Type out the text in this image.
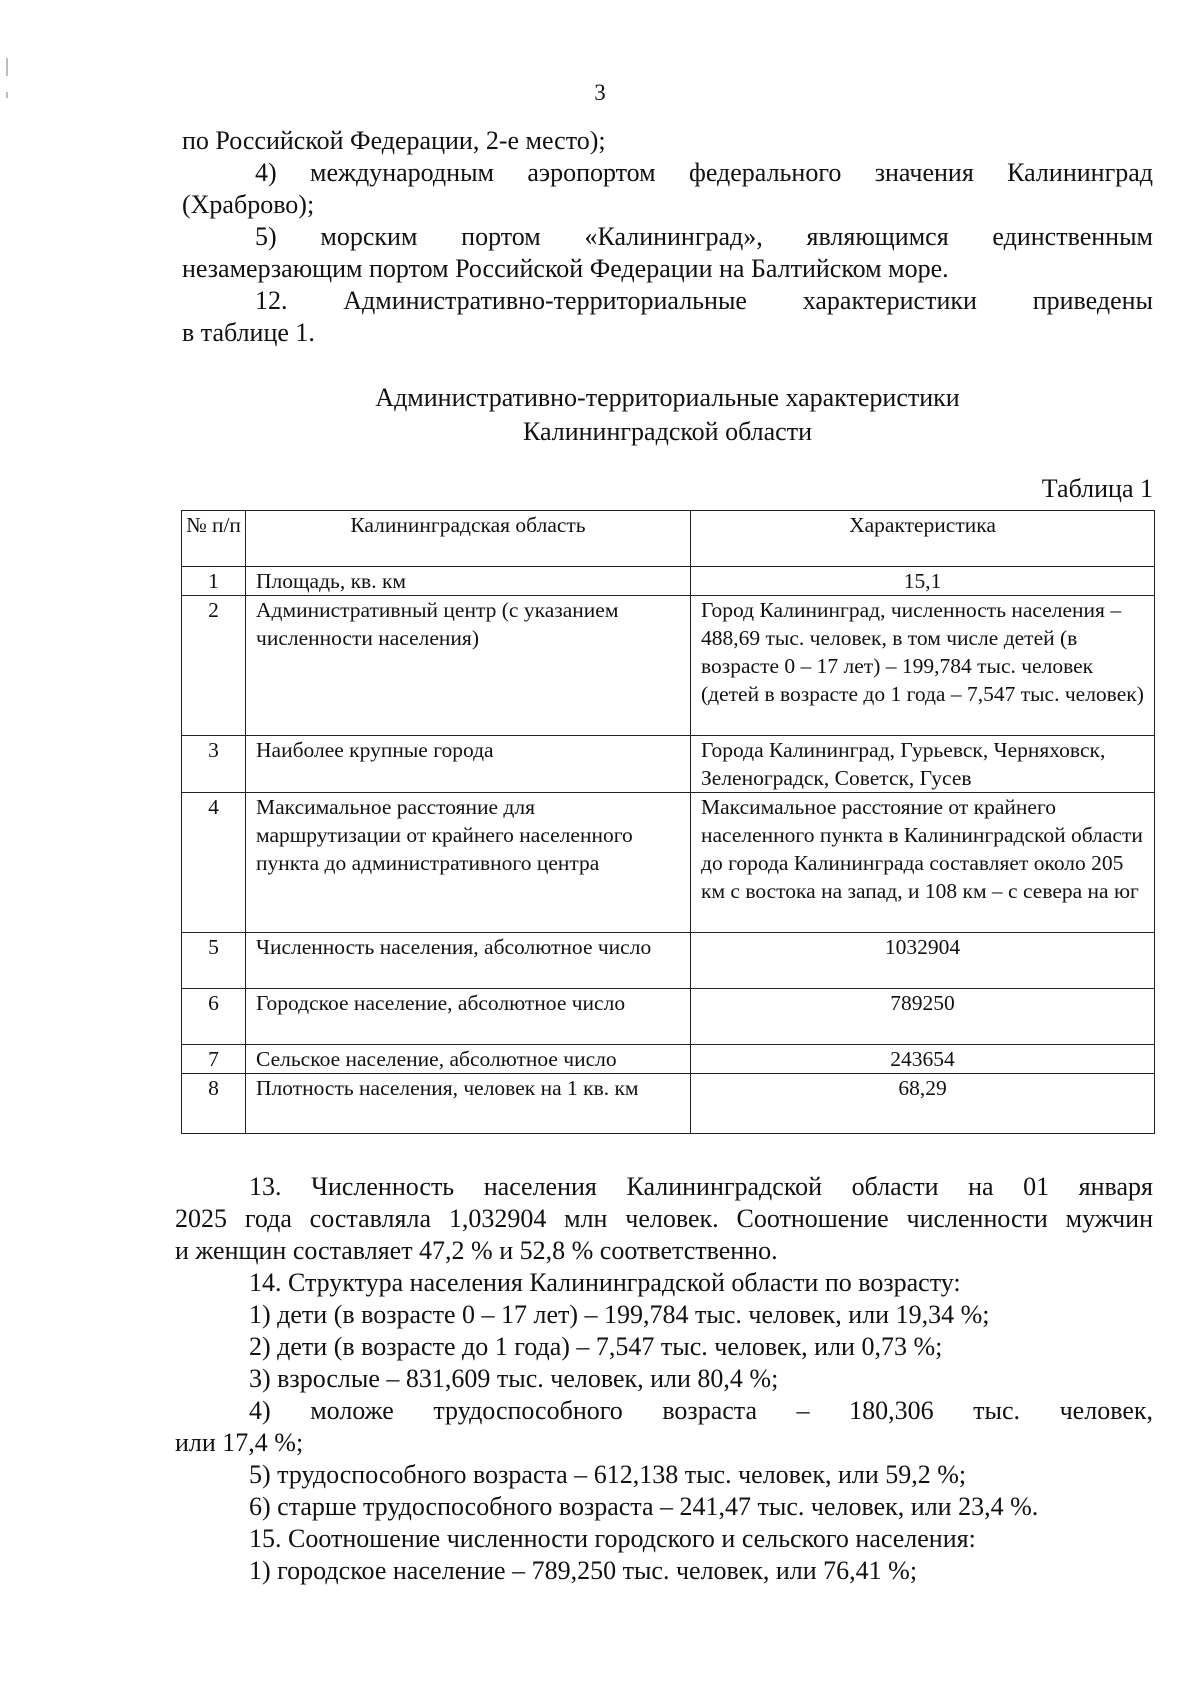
3
по Российской Федерации, 2-е место);
4) международным аэропортом федерального значения Калининград
(Храброво);
5) морским портом «Калининград», являющимся единственным
незамерзающим портом Российской Федерации на Балтийском море.
12. Административно-территориальные характеристики приведены
в таблице 1.
Административно-территориальные характеристики
Калининградской области
Таблица 1
№ п/п	Калининградская область	Характеристика
1	Площадь, кв. км	15,1
2	Административный центр (с указанием численности населения)	Город Калининград, численность населения – 488,69 тыс. человек, в том числе детей (в возрасте 0 – 17 лет) – 199,784 тыс. человек (детей в возрасте до 1 года – 7,547 тыс. человек)
3	Наиболее крупные города	Города Калининград, Гурьевск, Черняховск, Зеленоградск, Советск, Гусев
4	Максимальное расстояние для маршрутизации от крайнего населенного пункта до административного центра	Максимальное расстояние от крайнего населенного пункта в Калининградской области до города Калининграда составляет около 205 км с востока на запад, и 108 км – с севера на юг
5	Численность населения, абсолютное число	1032904
6	Городское население, абсолютное число	789250
7	Сельское население, абсолютное число	243654
8	Плотность населения, человек на 1 кв. км	68,29
13. Численность населения Калининградской области на 01 января
2025 года составляла 1,032904 млн человек. Соотношение численности мужчин
и женщин составляет 47,2 % и 52,8 % соответственно.
14. Структура населения Калининградской области по возрасту:
1) дети (в возрасте 0 – 17 лет) – 199,784 тыс. человек, или 19,34 %;
2) дети (в возрасте до 1 года) – 7,547 тыс. человек, или 0,73 %;
3) взрослые – 831,609 тыс. человек, или 80,4 %;
4) моложе трудоспособного возраста – 180,306 тыс. человек,
или 17,4 %;
5) трудоспособного возраста – 612,138 тыс. человек, или 59,2 %;
6) старше трудоспособного возраста – 241,47 тыс. человек, или 23,4 %.
15. Соотношение численности городского и сельского населения:
1) городское население – 789,250 тыс. человек, или 76,41 %;
